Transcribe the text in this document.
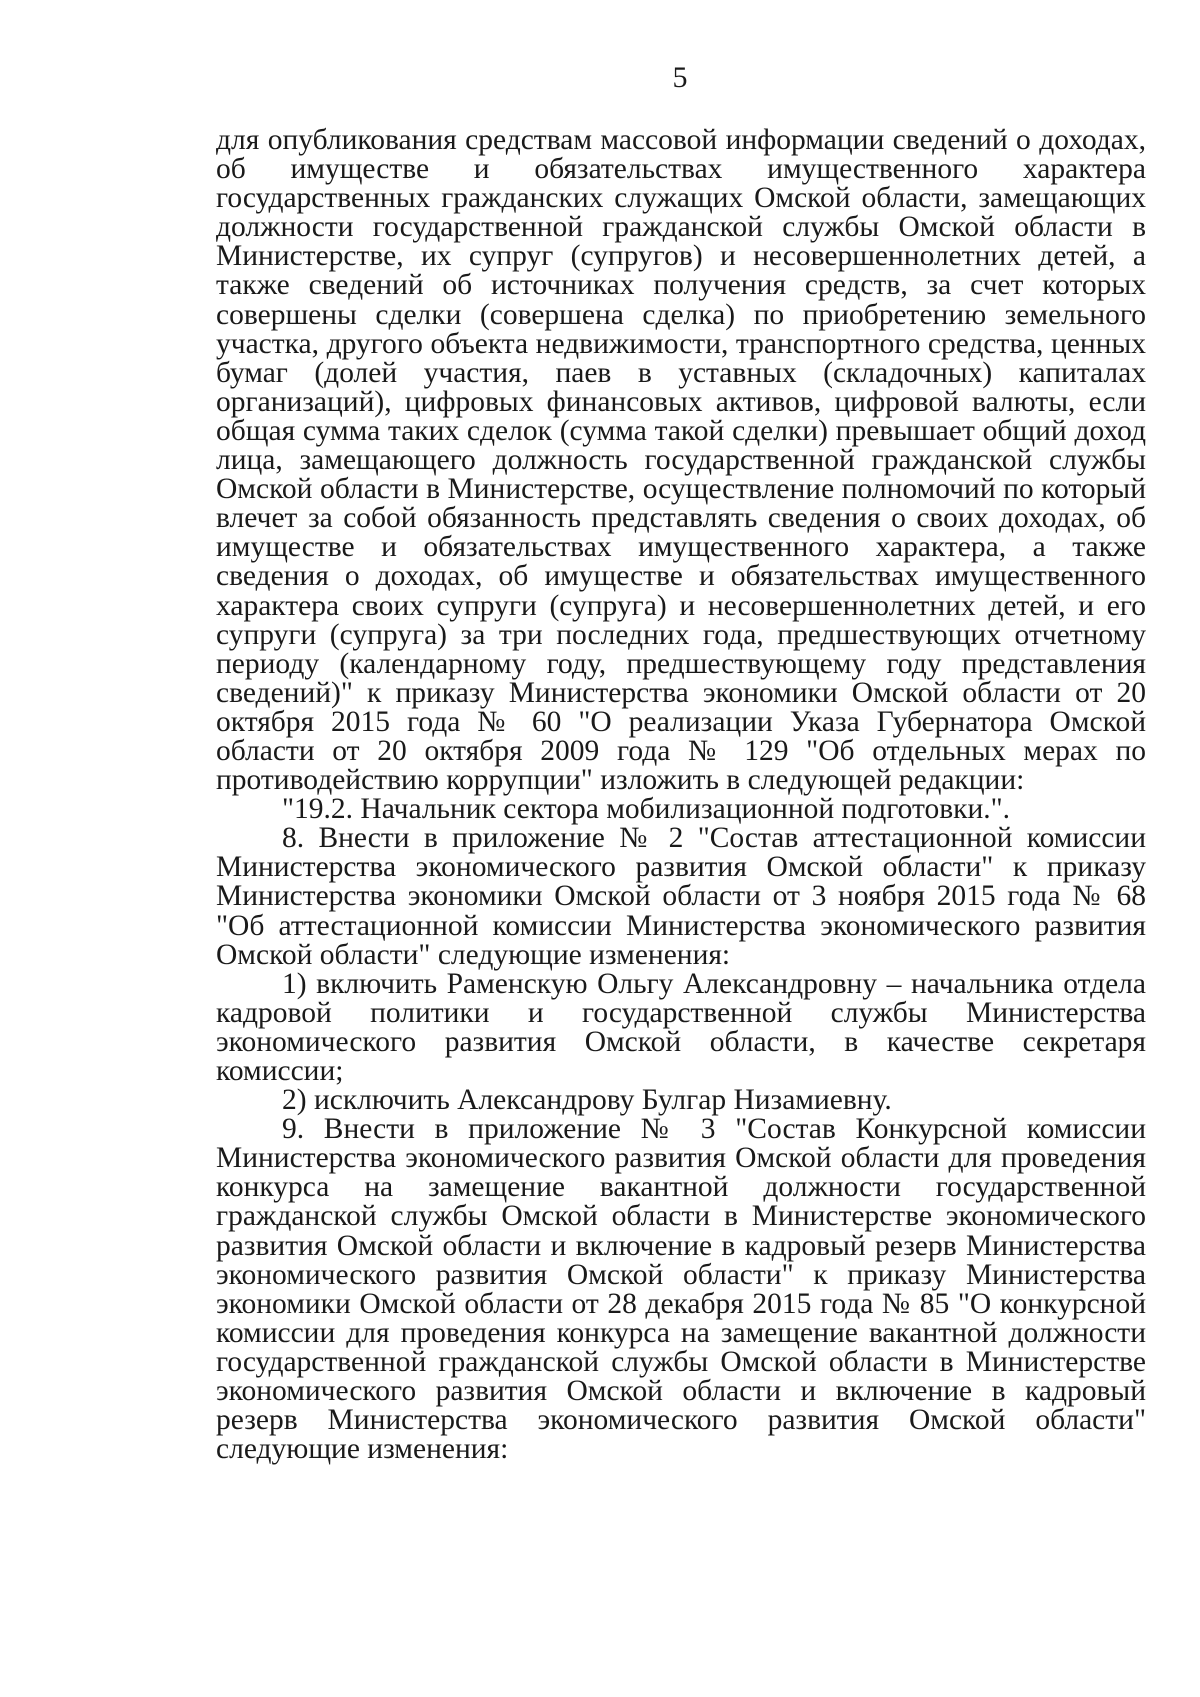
5

для опубликования средствам массовой информации сведений о доходах, об имуществе и обязательствах имущественного характера государственных гражданских служащих Омской области, замещающих должности государственной гражданской службы Омской области в Министерстве, их супруг (супругов) и несовершеннолетних детей, а также сведений об источниках получения средств, за счет которых совершены сделки (совершена сделка) по приобретению земельного участка, другого объекта недвижимости, транспортного средства, ценных бумаг (долей участия, паев в уставных (складочных) капиталах организаций), цифровых финансовых активов, цифровой валюты, если общая сумма таких сделок (сумма такой сделки) превышает общий доход лица, замещающего должность государственной гражданской службы Омской области в Министерстве, осуществление полномочий по который влечет за собой обязанность представлять сведения о своих доходах, об имуществе и обязательствах имущественного характера, а также сведения о доходах, об имуществе и обязательствах имущественного характера своих супруги (супруга) и несовершеннолетних детей, и его супруги (супруга) за три последних года, предшествующих отчетному периоду (календарному году, предшествующему году представления сведений)" к приказу Министерства экономики Омской области от 20 октября 2015 года № 60 "О реализации Указа Губернатора Омской области от 20 октября 2009 года № 129 "Об отдельных мерах по противодействию коррупции" изложить в следующей редакции:

"19.2. Начальник сектора мобилизационной подготовки.".

8. Внести в приложение № 2 "Состав аттестационной комиссии Министерства экономического развития Омской области" к приказу Министерства экономики Омской области от 3 ноября 2015 года № 68 "Об аттестационной комиссии Министерства экономического развития Омской области" следующие изменения:

1) включить Раменскую Ольгу Александровну – начальника отдела кадровой политики и государственной службы Министерства экономического развития Омской области, в качестве секретаря комиссии;

2) исключить Александрову Булгар Низамиевну.

9. Внести в приложение № 3 "Состав Конкурсной комиссии Министерства экономического развития Омской области для проведения конкурса на замещение вакантной должности государственной гражданской службы Омской области в Министерстве экономического развития Омской области и включение в кадровый резерв Министерства экономического развития Омской области" к приказу Министерства экономики Омской области от 28 декабря 2015 года № 85 "О конкурсной комиссии для проведения конкурса на замещение вакантной должности государственной гражданской службы Омской области в Министерстве экономического развития Омской области и включение в кадровый резерв Министерства экономического развития Омской области" следующие изменения:
